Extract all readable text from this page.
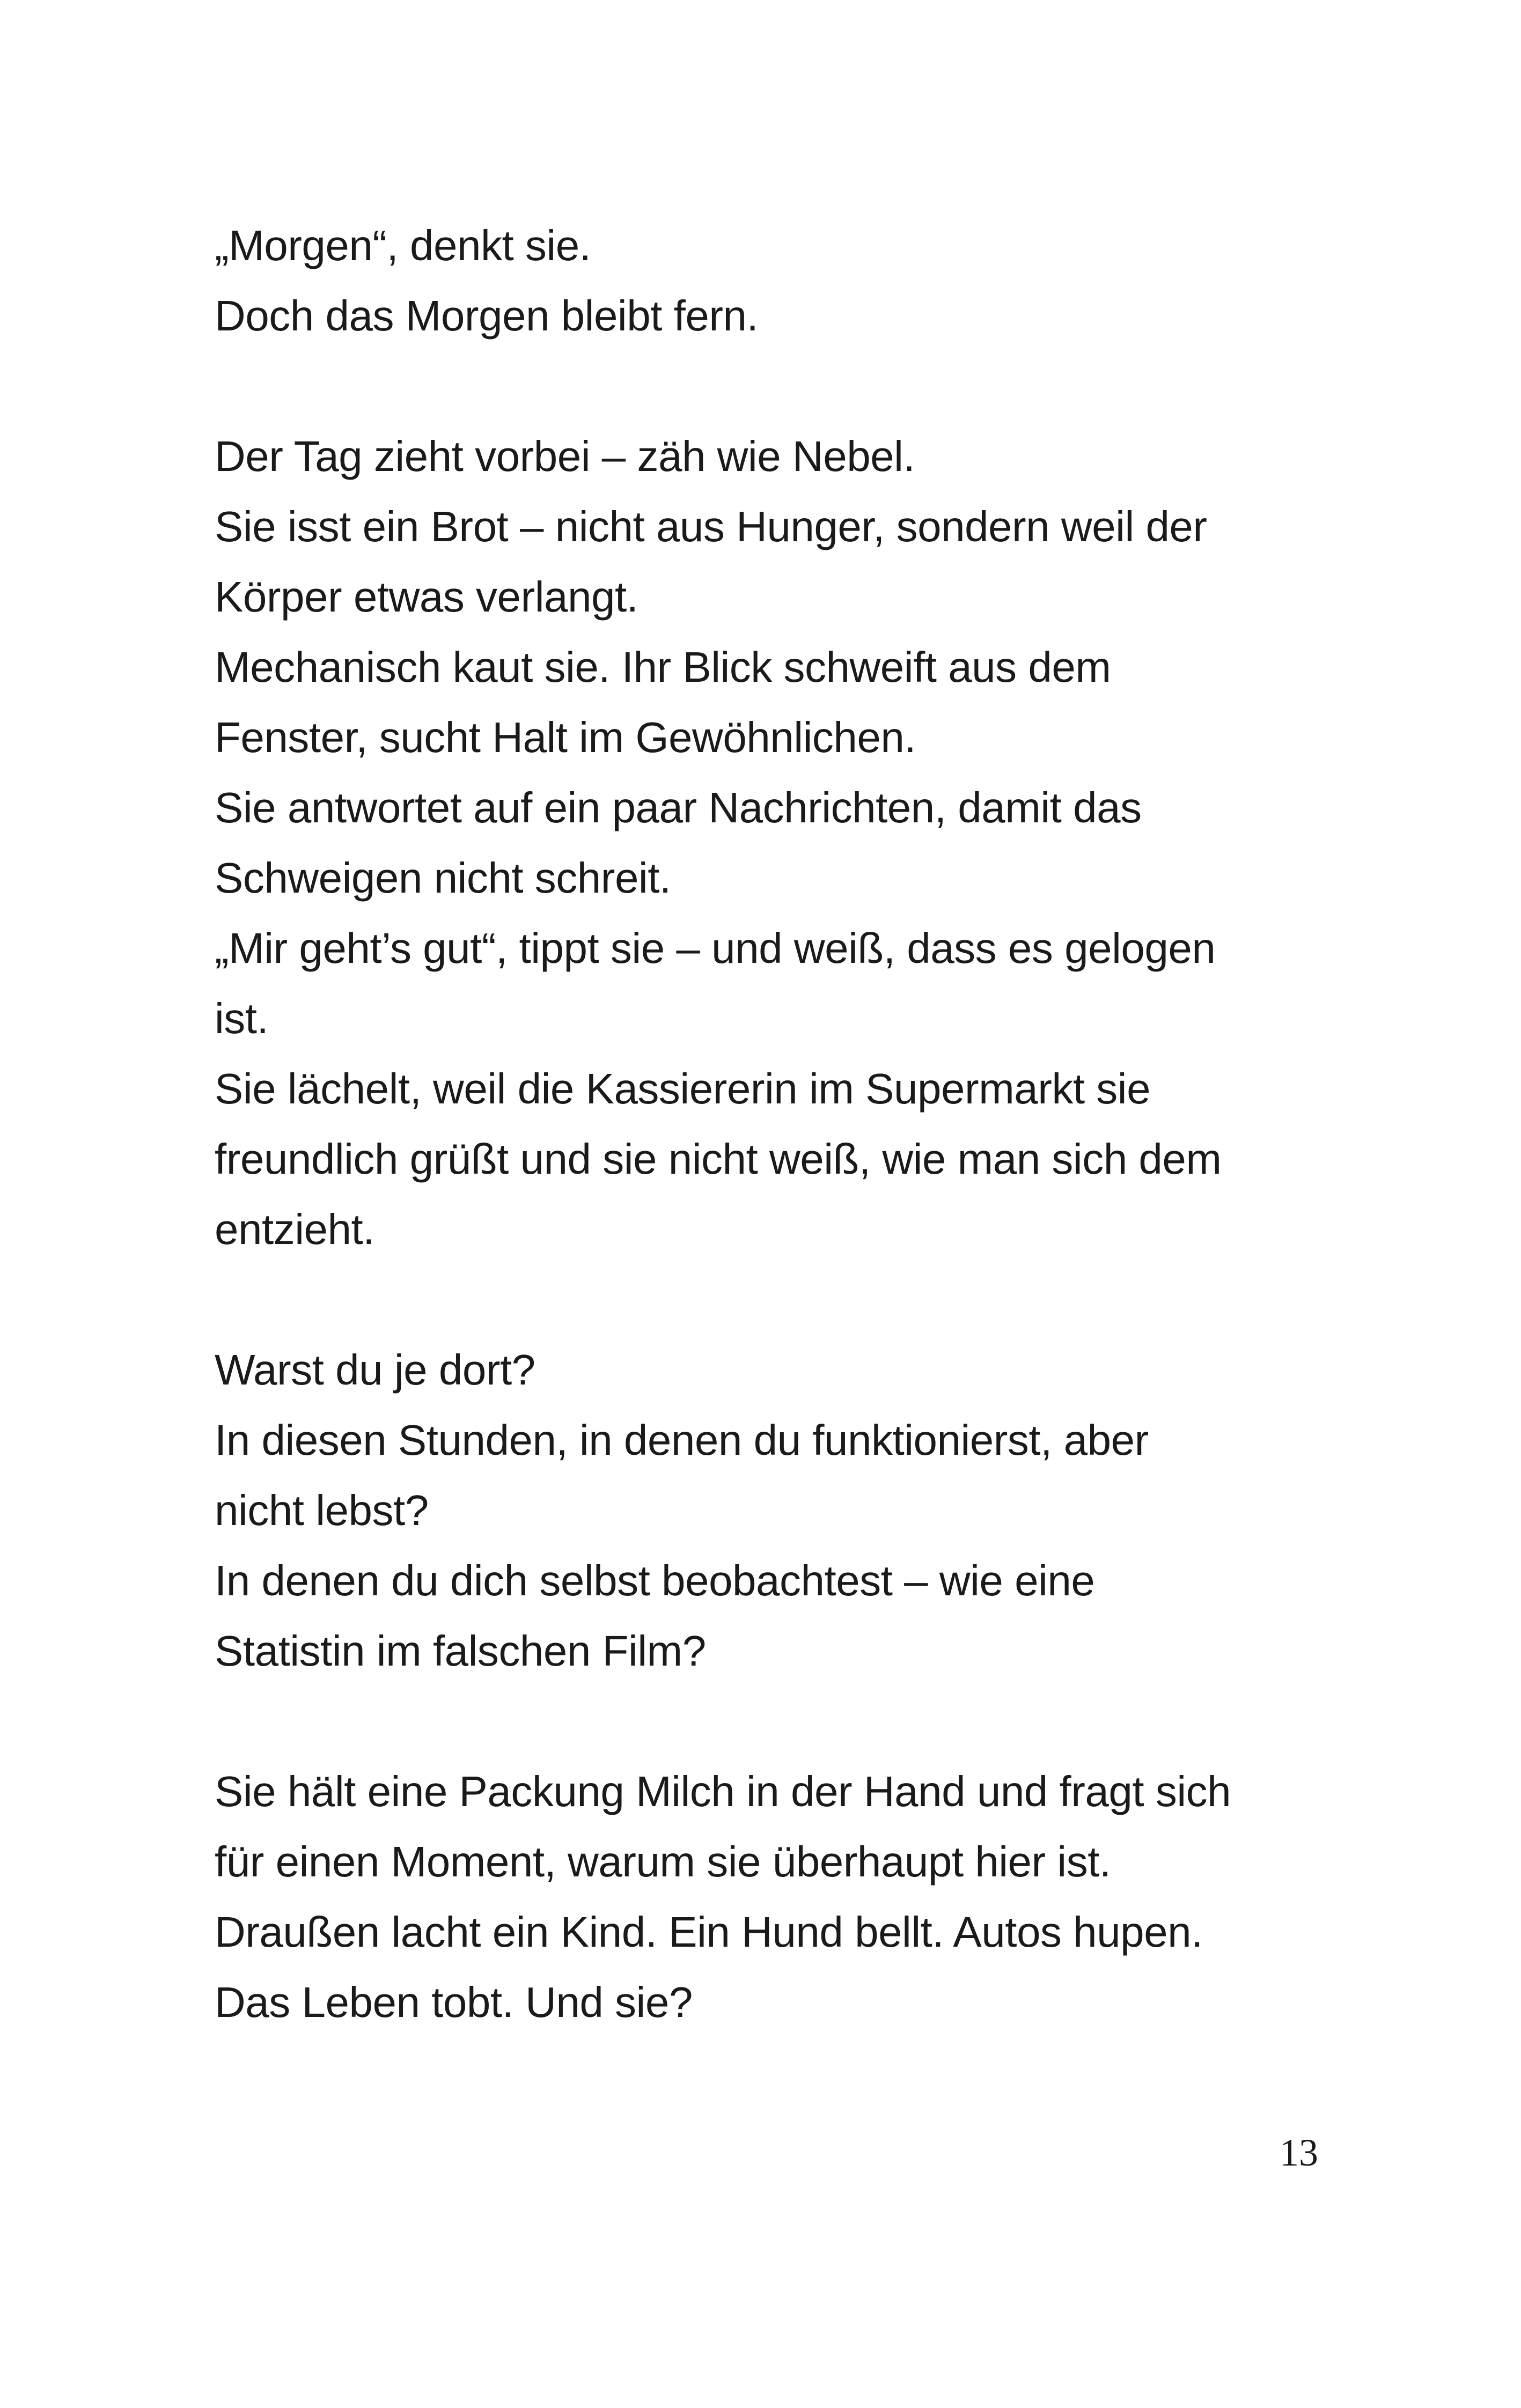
„Morgen“, denkt sie.
Doch das Morgen bleibt fern.
Der Tag zieht vorbei – zäh wie Nebel.
Sie isst ein Brot – nicht aus Hunger, sondern weil der
Körper etwas verlangt.
Mechanisch kaut sie. Ihr Blick schweift aus dem
Fenster, sucht Halt im Gewöhnlichen.
Sie antwortet auf ein paar Nachrichten, damit das
Schweigen nicht schreit.
„Mir geht’s gut“, tippt sie – und weiß, dass es gelogen
ist.
Sie lächelt, weil die Kassiererin im Supermarkt sie
freundlich grüßt und sie nicht weiß, wie man sich dem
entzieht.
Warst du je dort?
In diesen Stunden, in denen du funktionierst, aber
nicht lebst?
In denen du dich selbst beobachtest – wie eine
Statistin im falschen Film?
Sie hält eine Packung Milch in der Hand und fragt sich
für einen Moment, warum sie überhaupt hier ist.
Draußen lacht ein Kind. Ein Hund bellt. Autos hupen.
Das Leben tobt. Und sie?
13
